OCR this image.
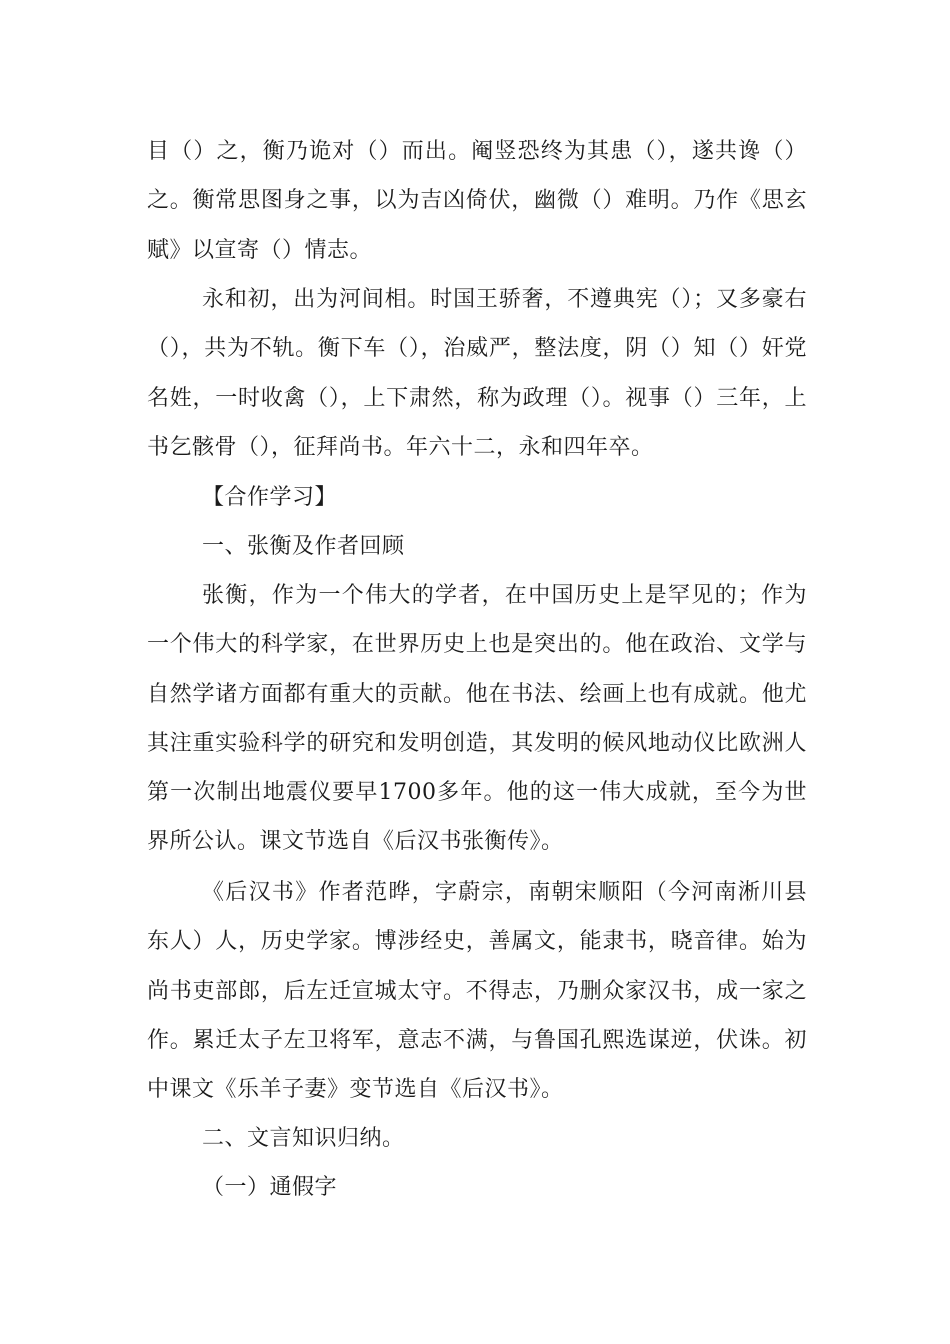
目（）之，衡乃诡对（）而出。阉竖恐终为其患（），遂共谗（）之。衡常思图身之事，以为吉凶倚伏，幽微（）难明。乃作《思玄赋》以宣寄（）情志。

永和初，出为河间相。时国王骄奢，不遵典宪（）；又多豪右（），共为不轨。衡下车（），治威严，整法度，阴（）知（）奸党名姓，一时收禽（），上下肃然，称为政理（）。视事（）三年，上书乞骸骨（），征拜尚书。年六十二，永和四年卒。

【合作学习】

一、张衡及作者回顾

张衡，作为一个伟大的学者，在中国历史上是罕见的；作为一个伟大的科学家，在世界历史上也是突出的。他在政治、文学与自然学诸方面都有重大的贡献。他在书法、绘画上也有成就。他尤其注重实验科学的研究和发明创造，其发明的候风地动仪比欧洲人第一次制出地震仪要早1700多年。他的这一伟大成就，至今为世界所公认。课文节选自《后汉书张衡传》。

《后汉书》作者范晔，字蔚宗，南朝宋顺阳（今河南淅川县东人）人，历史学家。博涉经史，善属文，能隶书，晓音律。始为尚书吏部郎，后左迁宣城太守。不得志，乃删众家汉书，成一家之作。累迁太子左卫将军，意志不满，与鲁国孔熙选谋逆，伏诛。初中课文《乐羊子妻》变节选自《后汉书》。

二、文言知识归纳。

（一）通假字
